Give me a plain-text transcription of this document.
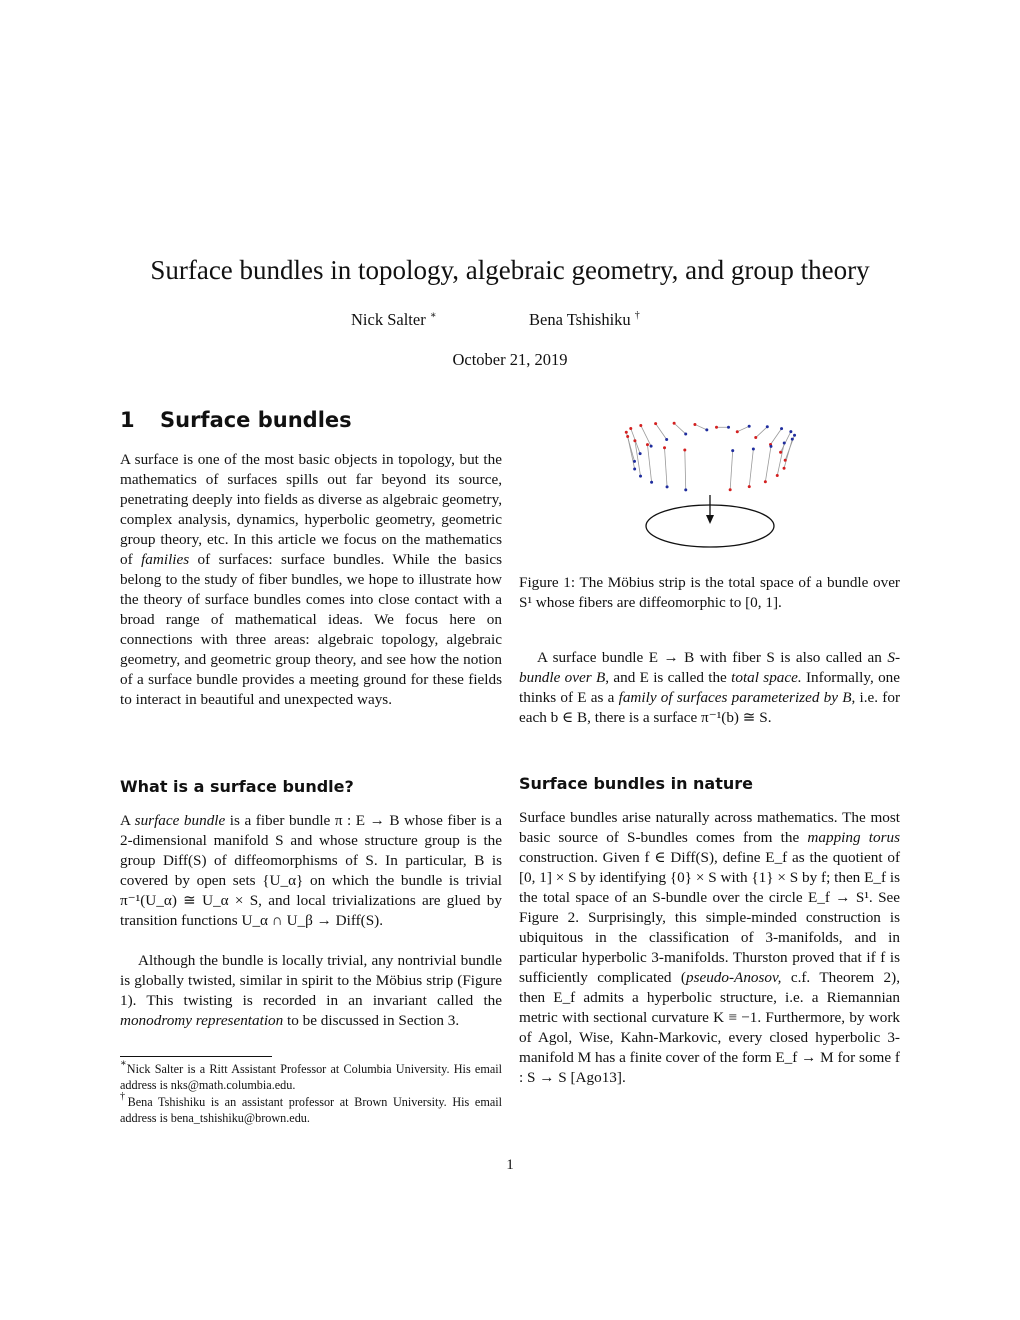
Surface bundles in topology, algebraic geometry, and group theory
Nick Salter ∗	Bena Tshishiku †
October 21, 2019
1 Surface bundles

A surface is one of the most basic objects in topology, but the mathematics of surfaces spills out far beyond its source, penetrating deeply into fields as diverse as algebraic geometry, complex analysis, dynamics, hyperbolic geometry, geometric group theory, etc. In this article we focus on the mathematics of families of surfaces: surface bundles. While the basics belong to the study of fiber bundles, we hope to illustrate how the theory of surface bundles comes into close contact with a broad range of mathematical ideas. We focus here on connections with three areas: algebraic topology, algebraic geometry, and geometric group theory, and see how the notion of a surface bundle provides a meeting ground for these fields to interact in beautiful and unexpected ways.

Figure 1: The Möbius strip is the total space of a bundle over S¹ whose fibers are diffeomorphic to [0, 1].

A surface bundle E → B with fiber S is also called an S-bundle over B, and E is called the total space. Informally, one thinks of E as a family of surfaces parameterized by B, i.e. for each b ∈ B, there is a surface π⁻¹(b) ≅ S.

What is a surface bundle?

A surface bundle is a fiber bundle π : E → B whose fiber is a 2-dimensional manifold S and whose structure group is the group Diff(S) of diffeomorphisms of S. In particular, B is covered by open sets {U_α} on which the bundle is trivial π⁻¹(U_α) ≅ U_α × S, and local trivializations are glued by transition functions U_α ∩ U_β → Diff(S).

Although the bundle is locally trivial, any nontrivial bundle is globally twisted, similar in spirit to the Möbius strip (Figure 1). This twisting is recorded in an invariant called the monodromy representation to be discussed in Section 3.

Surface bundles in nature

Surface bundles arise naturally across mathematics. The most basic source of S-bundles comes from the mapping torus construction. Given f ∈ Diff(S), define E_f as the quotient of [0, 1] × S by identifying {0} × S with {1} × S by f; then E_f is the total space of an S-bundle over the circle E_f → S¹. See Figure 2. Surprisingly, this simple-minded construction is ubiquitous in the classification of 3-manifolds, and in particular hyperbolic 3-manifolds. Thurston proved that if f is sufficiently complicated (pseudo-Anosov, c.f. Theorem 2), then E_f admits a hyperbolic structure, i.e. a Riemannian metric with sectional curvature K ≡ −1. Furthermore, by work of Agol, Wise, Kahn-Markovic, every closed hyperbolic 3-manifold M has a finite cover of the form E_f → M for some f : S → S [Ago13].

∗Nick Salter is a Ritt Assistant Professor at Columbia University. His email address is nks@math.columbia.edu.
†Bena Tshishiku is an assistant professor at Brown University. His email address is bena_tshishiku@brown.edu.
1
